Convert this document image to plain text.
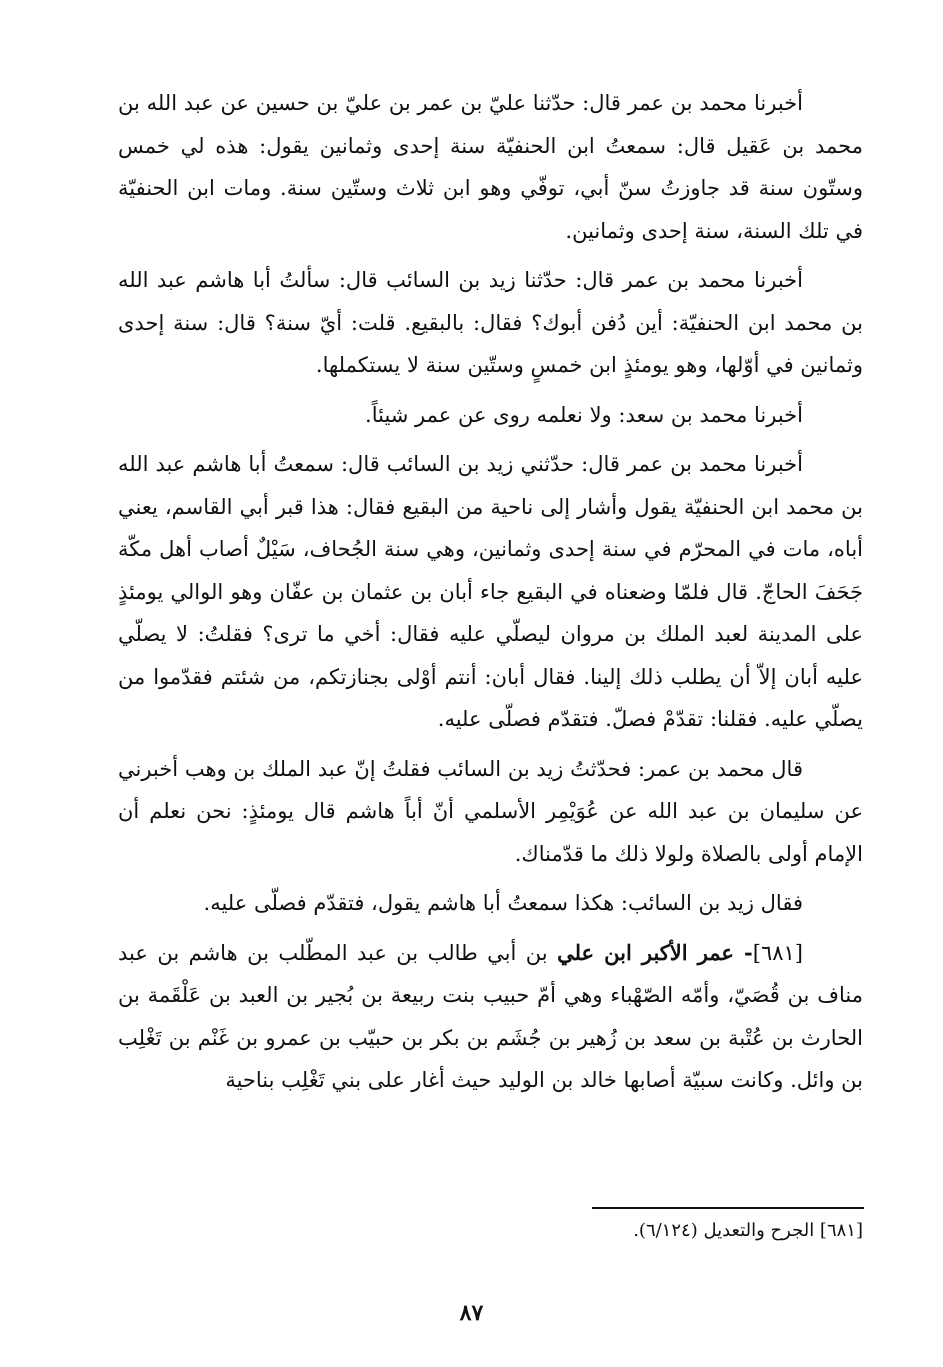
أخبرنا محمد بن عمر قال: حدّثنا عليّ بن عمر بن عليّ بن حسين عن عبد الله بن محمد بن عَقيل قال: سمعتُ ابن الحنفيّة سنة إحدى وثمانين يقول: هذه لي خمس وستّون سنة قد جاوزتُ سنّ أبي، توفّي وهو ابن ثلاث وستّين سنة. ومات ابن الحنفيّة في تلك السنة، سنة إحدى وثمانين.

أخبرنا محمد بن عمر قال: حدّثنا زيد بن السائب قال: سألتُ أبا هاشم عبد الله بن محمد ابن الحنفيّة: أين دُفن أبوك؟ فقال: بالبقيع. قلت: أيّ سنة؟ قال: سنة إحدى وثمانين في أوّلها، وهو يومئذٍ ابن خمسٍ وستّين سنة لا يستكملها.

أخبرنا محمد بن سعد: ولا نعلمه روى عن عمر شيئاً.

أخبرنا محمد بن عمر قال: حدّثني زيد بن السائب قال: سمعتُ أبا هاشم عبد الله بن محمد ابن الحنفيّة يقول وأشار إلى ناحية من البقيع فقال: هذا قبر أبي القاسم، يعني أباه، مات في المحرّم في سنة إحدى وثمانين، وهي سنة الجُحاف، سَيْلٌ أصاب أهل مكّة جَحَفَ الحاجّ. قال فلمّا وضعناه في البقيع جاء أبان بن عثمان بن عفّان وهو الوالي يومئذٍ على المدينة لعبد الملك بن مروان ليصلّي عليه فقال: أخي ما ترى؟ فقلتُ: لا يصلّي عليه أبان إلاّ أن يطلب ذلك إلينا. فقال أبان: أنتم أوْلى بجنازتكم، من شئتم فقدّموا من يصلّي عليه. فقلنا: تقدّمْ فصلّ. فتقدّم فصلّى عليه.

قال محمد بن عمر: فحدّثتُ زيد بن السائب فقلتُ إنّ عبد الملك بن وهب أخبرني عن سليمان بن عبد الله عن عُوَيْمِر الأسلمي أنّ أباً هاشم قال يومئذٍ: نحن نعلم أن الإمام أولى بالصلاة ولولا ذلك ما قدّمناك.

فقال زيد بن السائب: هكذا سمعتُ أبا هاشم يقول، فتقدّم فصلّى عليه.

[٦٨١]- عمر الأكبر ابن علي بن أبي طالب بن عبد المطّلب بن هاشم بن عبد مناف بن قُصَيّ، وأمّه الصّهْباء وهي أمّ حبيب بنت ربيعة بن بُجير بن العبد بن عَلْقَمة بن الحارث بن عُتْبة بن سعد بن زُهير بن جُشَم بن بكر بن حبيّب بن عمرو بن غَنْم بن تَغْلِب بن وائل. وكانت سبيّة أصابها خالد بن الوليد حيث أغار على بني تَغْلِب بناحية

[٦٨١] الجرح والتعديل (٦/١٢٤).
٨٧
